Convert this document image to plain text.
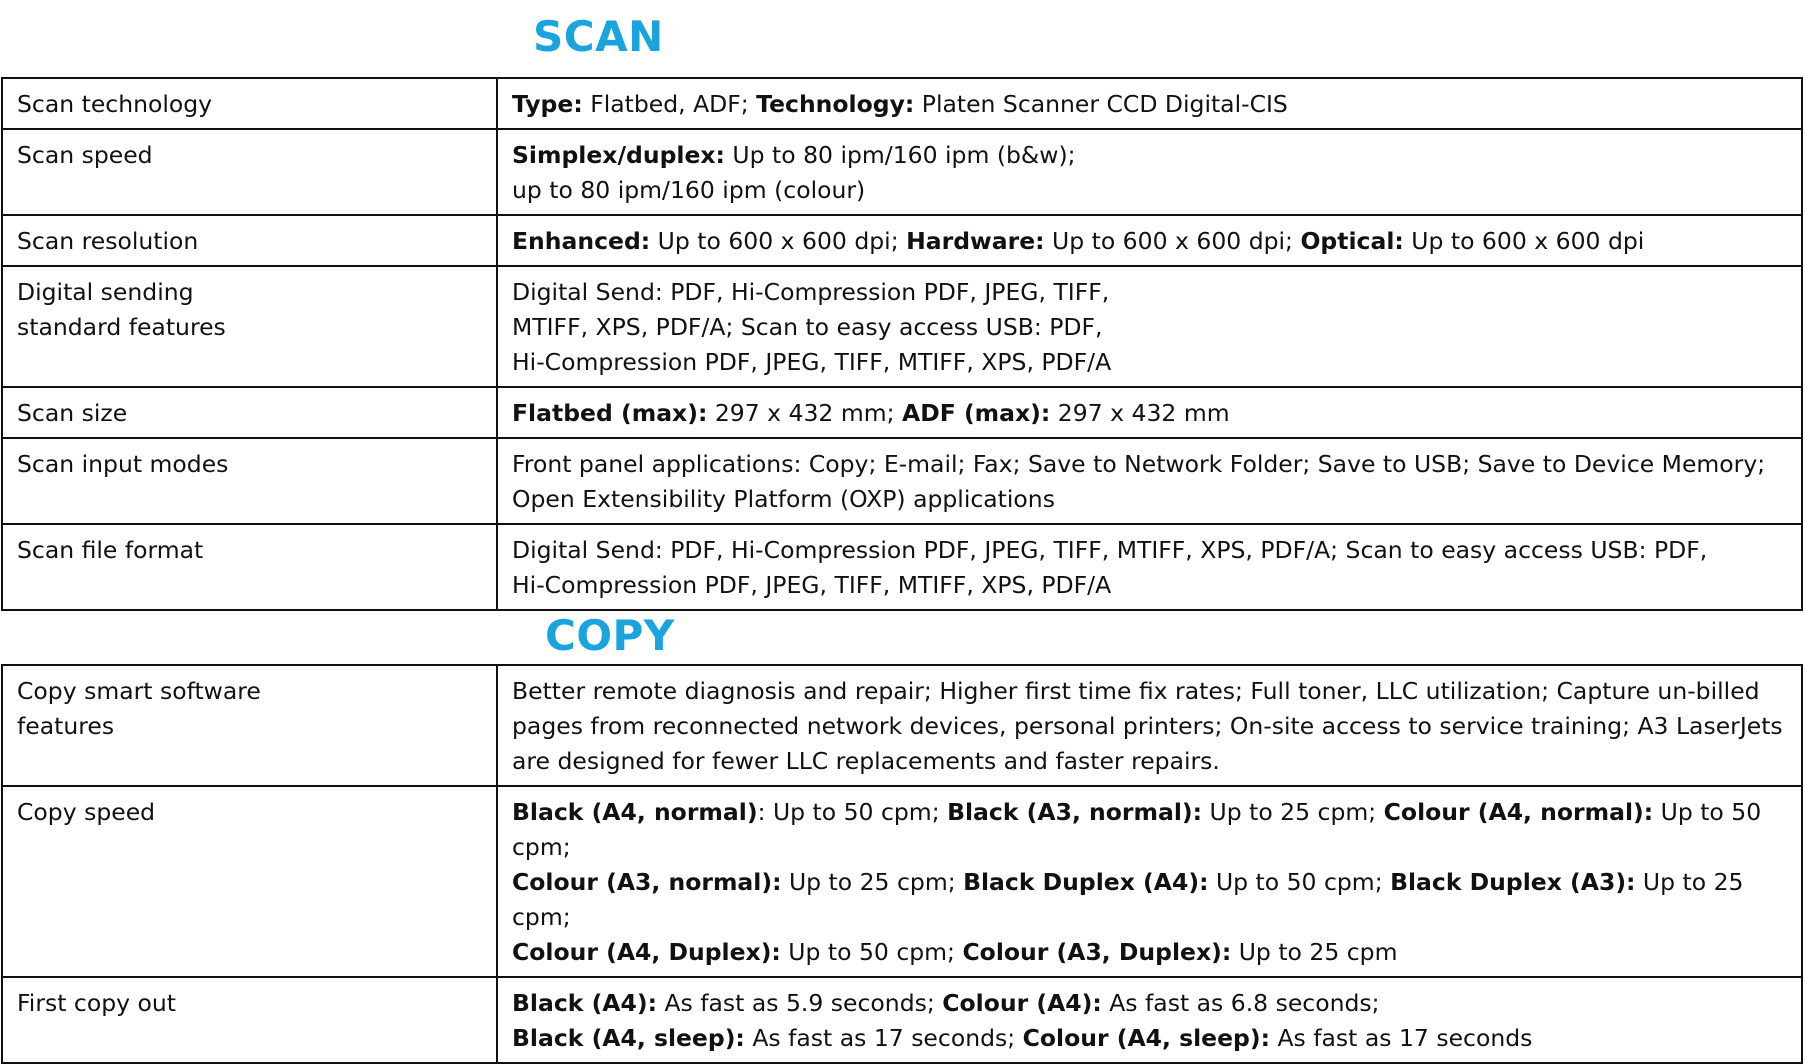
SCAN
Scan technology	Type: Flatbed, ADF; Technology: Platen Scanner CCD Digital-CIS

Scan speed	Simplex/duplex: Up to 80 ipm/160 ipm (b&w);
up to 80 ipm/160 ipm (colour)

Scan resolution	Enhanced: Up to 600 x 600 dpi; Hardware: Up to 600 x 600 dpi; Optical: Up to 600 x 600 dpi

Digital sending
standard features	Digital Send: PDF, Hi-Compression PDF, JPEG, TIFF,
MTIFF, XPS, PDF/A; Scan to easy access USB: PDF,
Hi-Compression PDF, JPEG, TIFF, MTIFF, XPS, PDF/A

Scan size	Flatbed (max): 297 x 432 mm; ADF (max): 297 x 432 mm

Scan input modes	Front panel applications: Copy; E-mail; Fax; Save to Network Folder; Save to USB; Save to Device Memory;
Open Extensibility Platform (OXP) applications

Scan file format	Digital Send: PDF, Hi-Compression PDF, JPEG, TIFF, MTIFF, XPS, PDF/A; Scan to easy access USB: PDF,
Hi-Compression PDF, JPEG, TIFF, MTIFF, XPS, PDF/A
COPY
Copy smart software
features	Better remote diagnosis and repair; Higher first time fix rates; Full toner, LLC utilization; Capture un-billed
pages from reconnected network devices, personal printers; On-site access to service training; A3 LaserJets
are designed for fewer LLC replacements and faster repairs.

Copy speed	Black (A4, normal): Up to 50 cpm; Black (A3, normal): Up to 25 cpm; Colour (A4, normal): Up to 50 cpm;
Colour (A3, normal): Up to 25 cpm; Black Duplex (A4): Up to 50 cpm; Black Duplex (A3): Up to 25 cpm;
Colour (A4, Duplex): Up to 50 cpm; Colour (A3, Duplex): Up to 25 cpm

First copy out	Black (A4): As fast as 5.9 seconds; Colour (A4): As fast as 6.8 seconds;
Black (A4, sleep): As fast as 17 seconds; Colour (A4, sleep): As fast as 17 seconds
